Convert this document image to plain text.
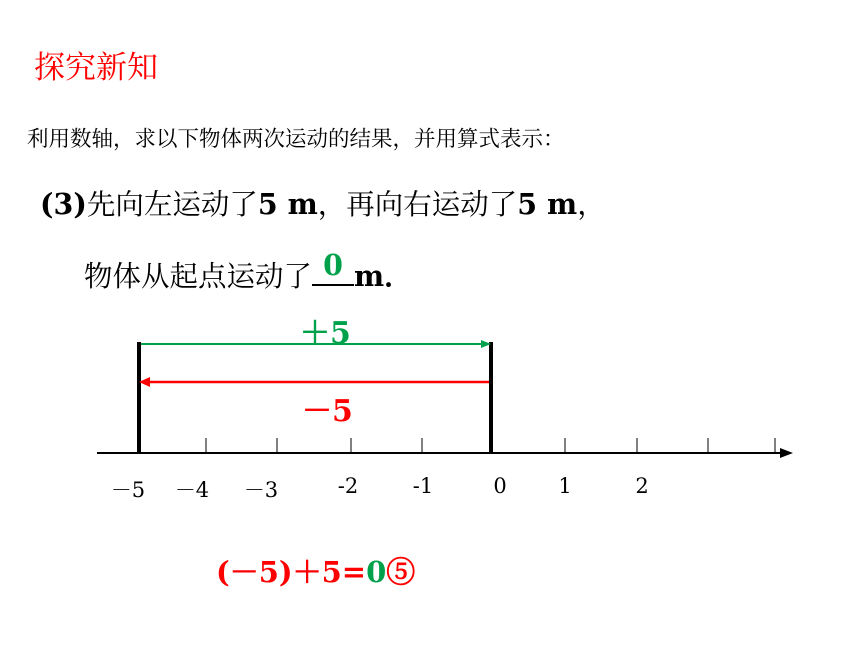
探究新知
利用数轴，求以下物体两次运动的结果，并用算式表示：
(3)先向左运动了5 m，再向右运动了5 m，
物体从起点运动了 0 m．
＋5
－5
－5 －4 －3	-2	-1	0 1	2
(－5)＋5=0⑤
